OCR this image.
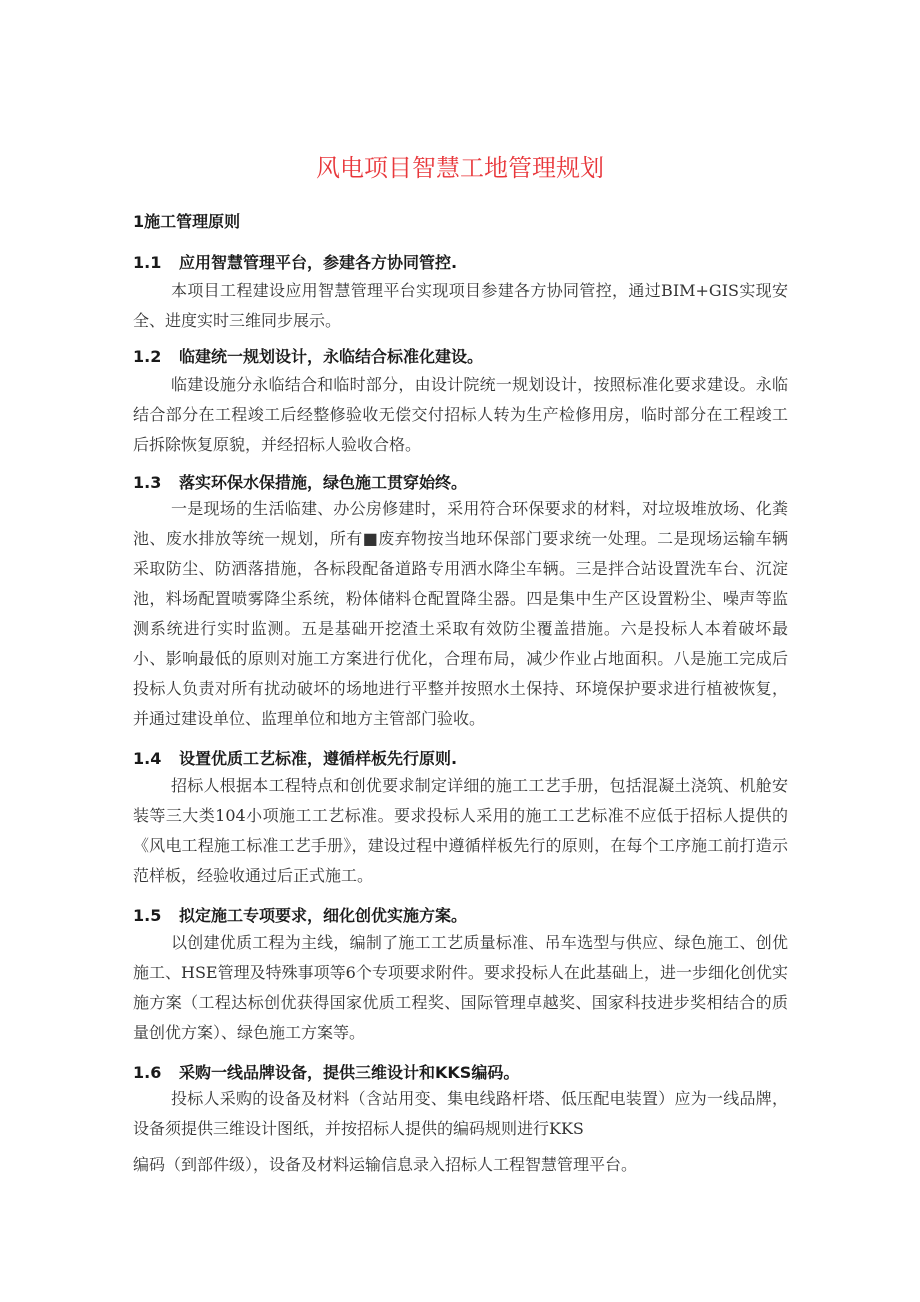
风电项目智慧工地管理规划
1施工管理原则
1.1 应用智慧管理平台，参建各方协同管控.
本项目工程建设应用智慧管理平台实现项目参建各方协同管控，通过BIM+GIS实现安全、进度实时三维同步展示。
1.2 临建统一规划设计，永临结合标准化建设。
临建设施分永临结合和临时部分，由设计院统一规划设计，按照标准化要求建设。永临结合部分在工程竣工后经整修验收无偿交付招标人转为生产检修用房，临时部分在工程竣工后拆除恢复原貌，并经招标人验收合格。
1.3 落实环保水保措施，绿色施工贯穿始终。
一是现场的生活临建、办公房修建时，采用符合环保要求的材料，对垃圾堆放场、化粪池、废水排放等统一规划，所有■废弃物按当地环保部门要求统一处理。二是现场运输车辆采取防尘、防洒落措施，各标段配备道路专用洒水降尘车辆。三是拌合站设置洗车台、沉淀池，料场配置喷雾降尘系统，粉体储料仓配置降尘器。四是集中生产区设置粉尘、噪声等监测系统进行实时监测。五是基础开挖渣土采取有效防尘覆盖措施。六是投标人本着破坏最小、影响最低的原则对施工方案进行优化，合理布局，减少作业占地面积。八是施工完成后投标人负责对所有扰动破坏的场地进行平整并按照水土保持、环境保护要求进行植被恢复，并通过建设单位、监理单位和地方主管部门验收。
1.4 设置优质工艺标准，遵循样板先行原则.
招标人根据本工程特点和创优要求制定详细的施工工艺手册，包括混凝土浇筑、机舱安装等三大类104小项施工工艺标准。要求投标人采用的施工工艺标准不应低于招标人提供的《风电工程施工标准工艺手册》，建设过程中遵循样板先行的原则，在每个工序施工前打造示范样板，经验收通过后正式施工。
1.5 拟定施工专项要求，细化创优实施方案。
以创建优质工程为主线，编制了施工工艺质量标准、吊车选型与供应、绿色施工、创优施工、HSE管理及特殊事项等6个专项要求附件。要求投标人在此基础上，进一步细化创优实施方案（工程达标创优获得国家优质工程奖、国际管理卓越奖、国家科技进步奖相结合的质量创优方案）、绿色施工方案等。
1.6 采购一线品牌设备，提供三维设计和KKS编码。
投标人采购的设备及材料（含站用变、集电线路杆塔、低压配电装置）应为一线品牌，设备须提供三维设计图纸，并按招标人提供的编码规则进行KKS
编码（到部件级），设备及材料运输信息录入招标人工程智慧管理平台。
